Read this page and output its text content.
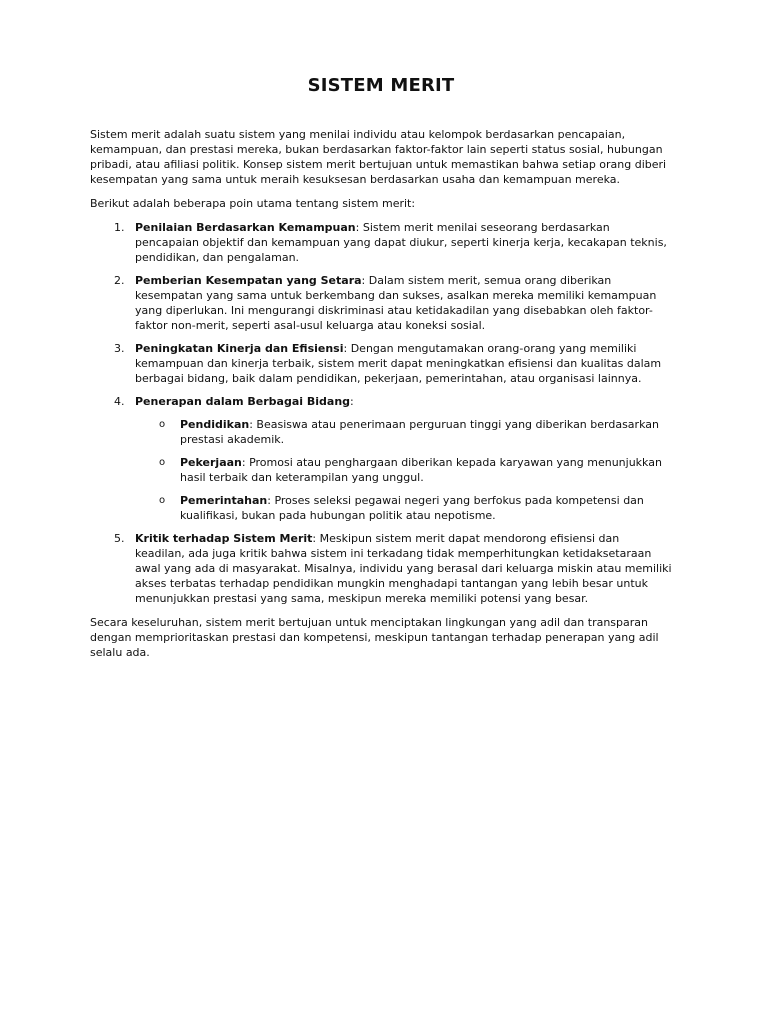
SISTEM MERIT

Sistem merit adalah suatu sistem yang menilai individu atau kelompok berdasarkan pencapaian, kemampuan, dan prestasi mereka, bukan berdasarkan faktor-faktor lain seperti status sosial, hubungan pribadi, atau afiliasi politik. Konsep sistem merit bertujuan untuk memastikan bahwa setiap orang diberi kesempatan yang sama untuk meraih kesuksesan berdasarkan usaha dan kemampuan mereka.

Berikut adalah beberapa poin utama tentang sistem merit:

1. Penilaian Berdasarkan Kemampuan: Sistem merit menilai seseorang berdasarkan pencapaian objektif dan kemampuan yang dapat diukur, seperti kinerja kerja, kecakapan teknis, pendidikan, dan pengalaman.
2. Pemberian Kesempatan yang Setara: Dalam sistem merit, semua orang diberikan kesempatan yang sama untuk berkembang dan sukses, asalkan mereka memiliki kemampuan yang diperlukan. Ini mengurangi diskriminasi atau ketidakadilan yang disebabkan oleh faktor-faktor non-merit, seperti asal-usul keluarga atau koneksi sosial.
3. Peningkatan Kinerja dan Efisiensi: Dengan mengutamakan orang-orang yang memiliki kemampuan dan kinerja terbaik, sistem merit dapat meningkatkan efisiensi dan kualitas dalam berbagai bidang, baik dalam pendidikan, pekerjaan, pemerintahan, atau organisasi lainnya.
4. Penerapan dalam Berbagai Bidang:
o Pendidikan: Beasiswa atau penerimaan perguruan tinggi yang diberikan berdasarkan prestasi akademik.
o Pekerjaan: Promosi atau penghargaan diberikan kepada karyawan yang menunjukkan hasil terbaik dan keterampilan yang unggul.
o Pemerintahan: Proses seleksi pegawai negeri yang berfokus pada kompetensi dan kualifikasi, bukan pada hubungan politik atau nepotisme.
5. Kritik terhadap Sistem Merit: Meskipun sistem merit dapat mendorong efisiensi dan keadilan, ada juga kritik bahwa sistem ini terkadang tidak memperhitungkan ketidaksetaraan awal yang ada di masyarakat. Misalnya, individu yang berasal dari keluarga miskin atau memiliki akses terbatas terhadap pendidikan mungkin menghadapi tantangan yang lebih besar untuk menunjukkan prestasi yang sama, meskipun mereka memiliki potensi yang besar.

Secara keseluruhan, sistem merit bertujuan untuk menciptakan lingkungan yang adil dan transparan dengan memprioritaskan prestasi dan kompetensi, meskipun tantangan terhadap penerapan yang adil selalu ada.
